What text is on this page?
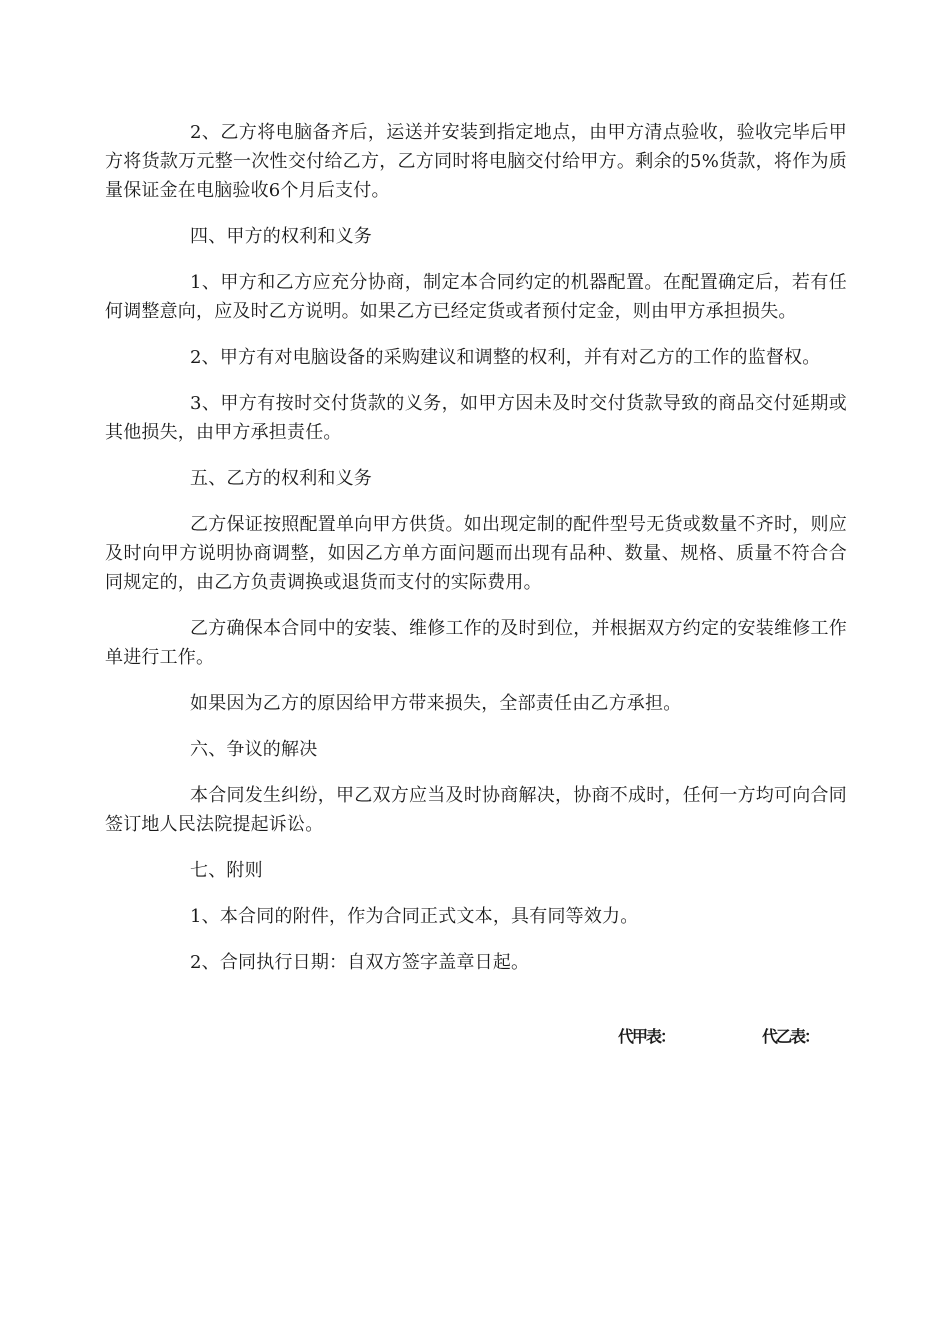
2、乙方将电脑备齐后，运送并安装到指定地点，由甲方清点验收，验收完毕后甲方将货款万元整一次性交付给乙方，乙方同时将电脑交付给甲方。剩余的5%货款，将作为质量保证金在电脑验收6个月后支付。

四、甲方的权利和义务

1、甲方和乙方应充分协商，制定本合同约定的机器配置。在配置确定后，若有任何调整意向，应及时乙方说明。如果乙方已经定货或者预付定金，则由甲方承担损失。

2、甲方有对电脑设备的采购建议和调整的权利，并有对乙方的工作的监督权。

3、甲方有按时交付货款的义务，如甲方因未及时交付货款导致的商品交付延期或其他损失，由甲方承担责任。

五、乙方的权利和义务

乙方保证按照配置单向甲方供货。如出现定制的配件型号无货或数量不齐时，则应及时向甲方说明协商调整，如因乙方单方面问题而出现有品种、数量、规格、质量不符合合同规定的，由乙方负责调换或退货而支付的实际费用。

乙方确保本合同中的安装、维修工作的及时到位，并根据双方约定的安装维修工作单进行工作。

如果因为乙方的原因给甲方带来损失，全部责任由乙方承担。

六、争议的解决

本合同发生纠纷，甲乙双方应当及时协商解决，协商不成时，任何一方均可向合同签订地人民法院提起诉讼。

七、附则

1、本合同的附件，作为合同正式文本，具有同等效力。

2、合同执行日期：自双方签字盖章日起。

代甲表：	代乙表：
